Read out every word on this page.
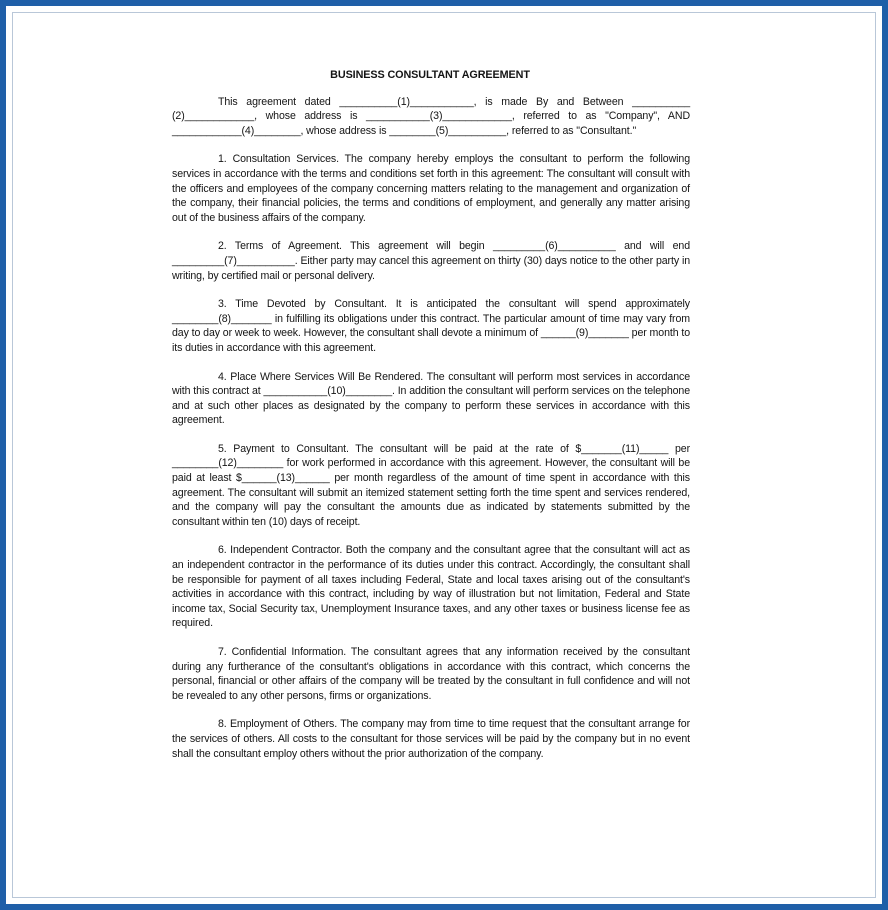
BUSINESS CONSULTANT AGREEMENT

This agreement dated __________(1)___________, is made By and Between __________ (2)____________, whose address is ___________(3)____________, referred to as "Company", AND ____________(4)________, whose address is ________(5)__________, referred to as "Consultant."

1. Consultation Services. The company hereby employs the consultant to perform the following services in accordance with the terms and conditions set forth in this agreement: The consultant will consult with the officers and employees of the company concerning matters relating to the management and organization of the company, their financial policies, the terms and conditions of employment, and generally any matter arising out of the business affairs of the company.

2. Terms of Agreement. This agreement will begin _________(6)__________ and will end _________(7)__________. Either party may cancel this agreement on thirty (30) days notice to the other party in writing, by certified mail or personal delivery.

3. Time Devoted by Consultant. It is anticipated the consultant will spend approximately ________(8)_______ in fulfilling its obligations under this contract. The particular amount of time may vary from day to day or week to week. However, the consultant shall devote a minimum of ______(9)_______ per month to its duties in accordance with this agreement.

4. Place Where Services Will Be Rendered. The consultant will perform most services in accordance with this contract at ___________(10)________. In addition the consultant will perform services on the telephone and at such other places as designated by the company to perform these services in accordance with this agreement.

5. Payment to Consultant. The consultant will be paid at the rate of $_______(11)_____ per ________(12)________ for work performed in accordance with this agreement. However, the consultant will be paid at least $______(13)______ per month regardless of the amount of time spent in accordance with this agreement. The consultant will submit an itemized statement setting forth the time spent and services rendered, and the company will pay the consultant the amounts due as indicated by statements submitted by the consultant within ten (10) days of receipt.

6. Independent Contractor. Both the company and the consultant agree that the consultant will act as an independent contractor in the performance of its duties under this contract. Accordingly, the consultant shall be responsible for payment of all taxes including Federal, State and local taxes arising out of the consultant's activities in accordance with this contract, including by way of illustration but not limitation, Federal and State income tax, Social Security tax, Unemployment Insurance taxes, and any other taxes or business license fee as required.

7. Confidential Information. The consultant agrees that any information received by the consultant during any furtherance of the consultant's obligations in accordance with this contract, which concerns the personal, financial or other affairs of the company will be treated by the consultant in full confidence and will not be revealed to any other persons, firms or organizations.

8. Employment of Others. The company may from time to time request that the consultant arrange for the services of others. All costs to the consultant for those services will be paid by the company but in no event shall the consultant employ others without the prior authorization of the company.
